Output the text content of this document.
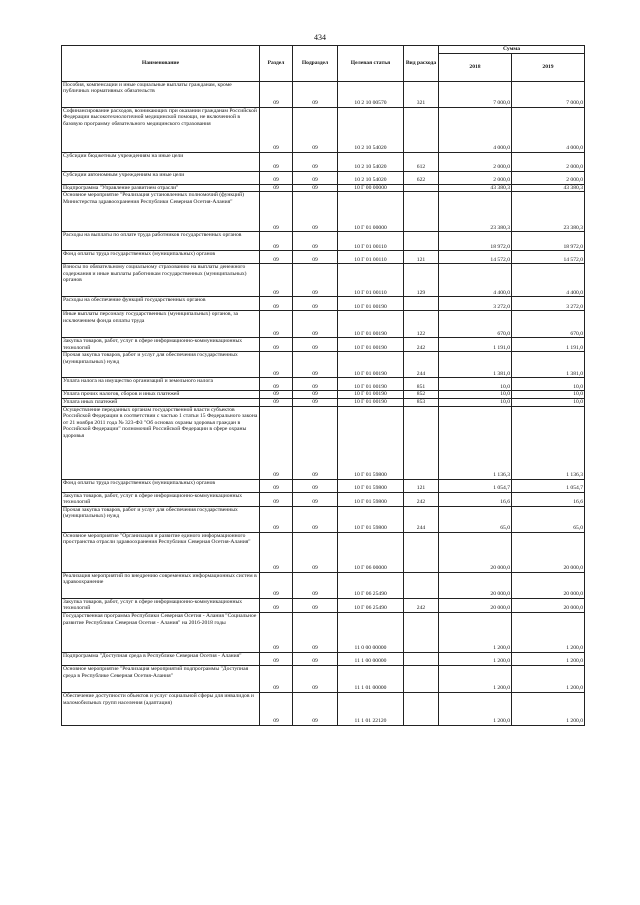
434
Наименование	Раздел	Подраздел	Целевая статья	Вид расхода	Сумма	
					2018	2019
Пособия, компенсации и иные социальные выплаты гражданам, кроме публичных нормативных обязательств	09	09	10 2 10 00570	321	7 000,0	7 000,0
Софинансирование расходов, возникающих при оказании гражданам Российской Федерации высокотехнологичной медицинской помощи, не включенной в базовую программу обязательного медицинского страхования	09	09	10 2 10 54020		4 000,0	4 000,0
Субсидии бюджетным учреждениям на иные цели	09	09	10 2 10 54020	612	2 000,0	2 000,0
Субсидии автономным учреждениям на иные цели	09	09	10 2 10 54020	622	2 000,0	2 000,0
Подпрограмма "Управление развитием отрасли"	09	09	10 Г 00 00000		43 380,3	43 380,3
Основное мероприятие "Реализация установленных полномочий (функций) Министерства здравоохранения Республики Северная Осетия-Алания"	09	09	10 Г 01 00000		23 380,3	23 380,3
Расходы на выплаты по оплате труда работников государственных органов	09	09	10 Г 01 00110		18 972,0	18 972,0
Фонд оплаты труда государственных (муниципальных) органов	09	09	10 Г 01 00110	121	14 572,0	14 572,0
Взносы по обязательному социальному страхованию на выплаты денежного содержания и иные выплаты работникам государственных (муниципальных) органов	09	09	10 Г 01 00110	129	4 400,0	4 400,0
Расходы на обеспечение функций государственных органов	09	09	10 Г 01 00190		3 272,0	3 272,0
Иные выплаты персоналу государственных (муниципальных) органов, за исключением фонда оплаты труда	09	09	10 Г 01 00190	122	670,0	670,0
Закупка товаров, работ, услуг в сфере информационно-коммуникационных технологий	09	09	10 Г 01 00190	242	1 191,0	1 191,0
Прочая закупка товаров, работ и услуг для обеспечения государственных (муниципальных) нужд	09	09	10 Г 01 00190	244	1 381,0	1 381,0
Уплата налога на имущество организаций и земельного налога	09	09	10 Г 01 00190	851	10,0	10,0
Уплата прочих налогов, сборов и иных платежей	09	09	10 Г 01 00190	852	10,0	10,0
Уплата иных платежей	09	09	10 Г 01 00190	853	10,0	10,0
Осуществление переданных органам государственной власти субъектов Российской Федерации в соответствии с частью 1 статьи 15 Федерального закона от 21 ноября 2011 года № 323-ФЗ "Об основах охраны здоровья граждан в Российской Федерации" полномочий Российской Федерации в сфере охраны здоровья	09	09	10 Г 01 59800		1 136,3	1 136,3
Фонд оплаты труда государственных (муниципальных) органов	09	09	10 Г 01 59800	121	1 054,7	1 054,7
Закупка товаров, работ, услуг в сфере информационно-коммуникационных технологий	09	09	10 Г 01 59800	242	16,6	16,6
Прочая закупка товаров, работ и услуг для обеспечения государственных (муниципальных) нужд	09	09	10 Г 01 59800	244	65,0	65,0
Основное мероприятие "Организация и развитие единого информационного пространства отрасли здравоохранения Республики Северная Осетия-Алания"	09	09	10 Г 06 00000		20 000,0	20 000,0
Реализация мероприятий по внедрению современных информационных систем в здравоохранение	09	09	10 Г 06 25490		20 000,0	20 000,0
Закупка товаров, работ, услуг в сфере информационно-коммуникационных технологий	09	09	10 Г 06 25490	242	20 000,0	20 000,0
Государственная программа Республики Северная Осетия - Алания "Социальное развитие Республики Северная Осетия - Алания" на 2016-2018 годы	09	09	11 0 00 00000		1 200,0	1 200,0
Подпрограмма "Доступная среда в Республике Северная Осетия - Алания"	09	09	11 1 00 00000		1 200,0	1 200,0
Основное мероприятие "Реализация мероприятий подпрограммы "Доступная среда в Республике Северная Осетия-Алания"	09	09	11 1 01 00000		1 200,0	1 200,0
Обеспечение доступности объектов и услуг социальной сферы для инвалидов и маломобильных групп населения (адаптация)	09	09	11 1 01 22120		1 200,0	1 200,0
